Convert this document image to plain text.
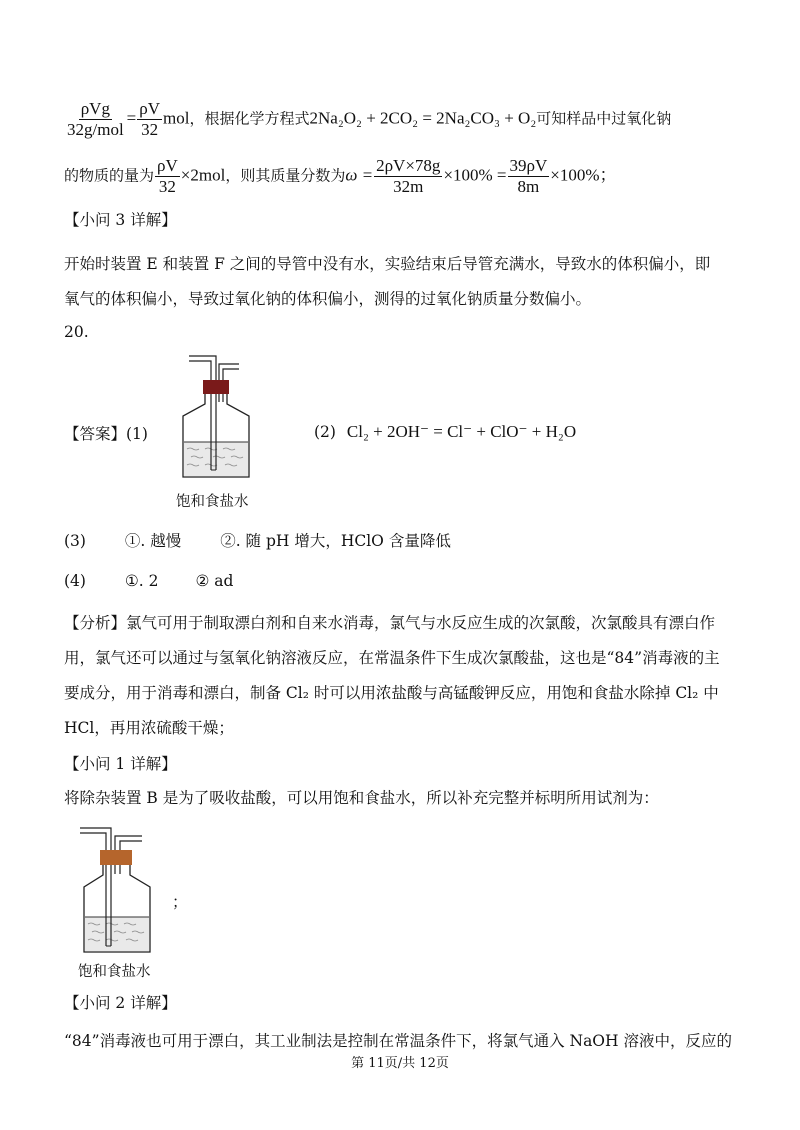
$\frac{\text{ρVg}}{\text{32g/mol}} = \frac{\rho V}{32}$ mol，根据化学方程式2Na₂O₂ + 2CO₂ = 2Na₂CO₃ + O₂可知样品中过氧化钠
的物质的量为 $\frac{\rho V}{32} \times 2mol$，则其质量分数为$\omega = \frac{2\rho V\times 78g}{32m} \times 100\% = \frac{39\rho V}{8m} \times 100\%$；
【小问 3 详解】
开始时装置 E 和装置 F 之间的导管中没有水，实验结束后导管充满水，导致水的体积偏小，即
氧气的体积偏小，导致过氧化钠的体积偏小，测得的过氧化钠质量分数偏小。
20.
【答案】(1)
饱和食盐水
(2) Cl₂ + 2OH⁻ = Cl⁻ + ClO⁻ + H₂O
(3)	①. 越慢	②. 随 pH 增大，HClO 含量降低
(4)	①. 2 ② ad
【分析】氯气可用于制取漂白剂和自来水消毒，氯气与水反应生成的次氯酸，次氯酸具有漂白作
用，氯气还可以通过与氢氧化钠溶液反应，在常温条件下生成次氯酸盐，这也是“84”消毒液的主
要成分，用于消毒和漂白，制备 Cl₂ 时可以用浓盐酸与高锰酸钾反应，用饱和食盐水除掉 Cl₂ 中
HCl，再用浓硫酸干燥；
【小问 1 详解】
将除杂装置 B 是为了吸收盐酸，可以用饱和食盐水，所以补充完整并标明所用试剂为：
；
饱和食盐水
【小问 2 详解】
“84”消毒液也可用于漂白，其工业制法是控制在常温条件下，将氯气通入 NaOH 溶液中，反应的
第 11页/共 12页
